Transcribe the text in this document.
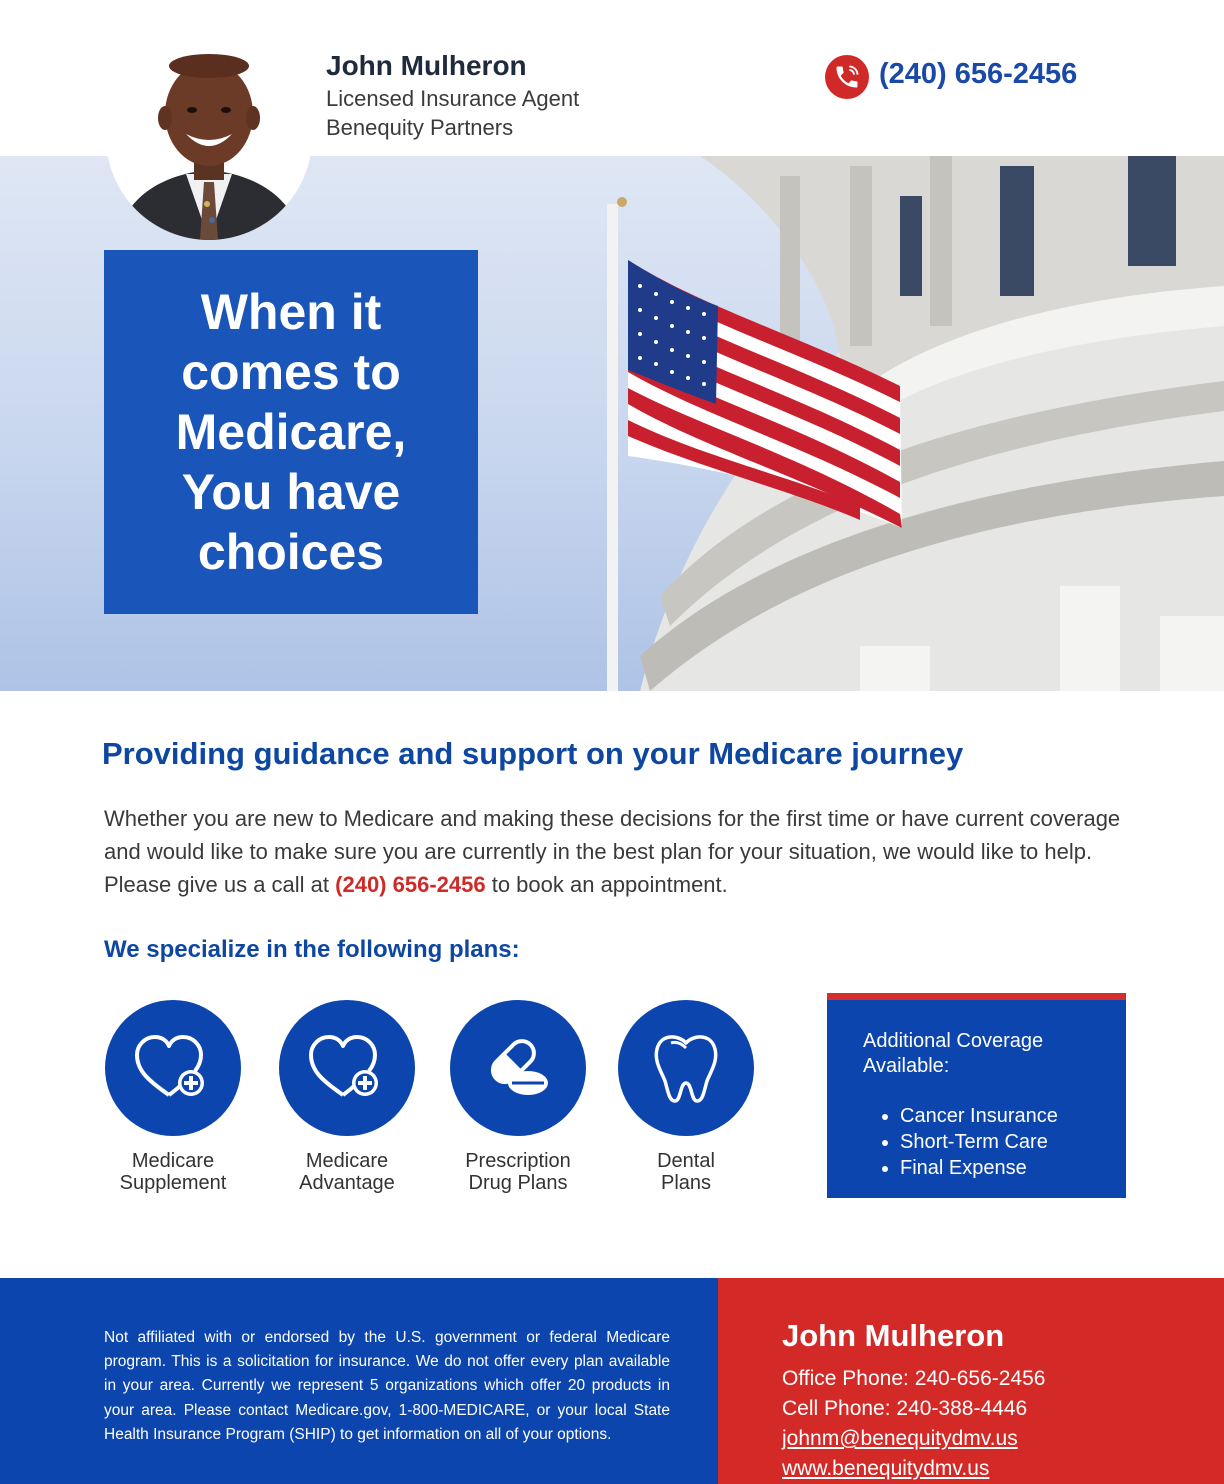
John Mulheron
Licensed Insurance Agent
Benequity Partners
(240) 656-2456
When it comes to Medicare, You have choices
Providing guidance and support on your Medicare journey

Whether you are new to Medicare and making these decisions for the first time or have current coverage and would like to make sure you are currently in the best plan for your situation, we would like to help. Please give us a call at (240) 656-2456 to book an appointment.

We specialize in the following plans:
Medicare
Supplement
Medicare
Advantage
Prescription
Drug Plans
Dental
Plans
Additional Coverage Available:
• Cancer Insurance
• Short-Term Care
• Final Expense

Not affiliated with or endorsed by the U.S. government or federal Medicare program. This is a solicitation for insurance. We do not offer every plan available in your area. Currently we represent 5 organizations which offer 20 products in your area. Please contact Medicare.gov, 1-800-MEDICARE, or your local State Health Insurance Program (SHIP) to get information on all of your options.

John Mulheron
Office Phone: 240-656-2456
Cell Phone: 240-388-4446
johnm@benequitydmv.us
www.benequitydmv.us
